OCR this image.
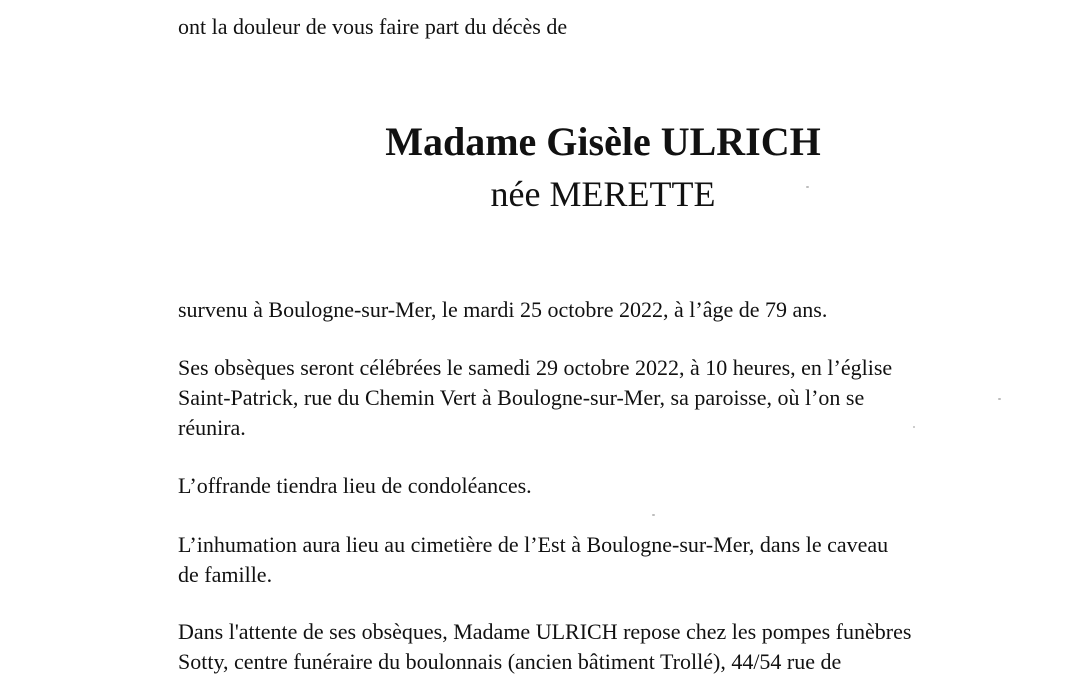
ont la douleur de vous faire part du décès de

Madame Gisèle ULRICH

née MERETTE

survenu à Boulogne-sur-Mer, le mardi 25 octobre 2022, à l’âge de 79 ans.

Ses obsèques seront célébrées le samedi 29 octobre 2022, à 10 heures, en l’église

Saint-Patrick, rue du Chemin Vert à Boulogne-sur-Mer, sa paroisse, où l’on se

réunira.

L’offrande tiendra lieu de condoléances.

L’inhumation aura lieu au cimetière de l’Est à Boulogne-sur-Mer, dans le caveau

de famille.

Dans l'attente de ses obsèques, Madame ULRICH repose chez les pompes funèbres

Sotty, centre funéraire du boulonnais (ancien bâtiment Trollé), 44/54 rue de
